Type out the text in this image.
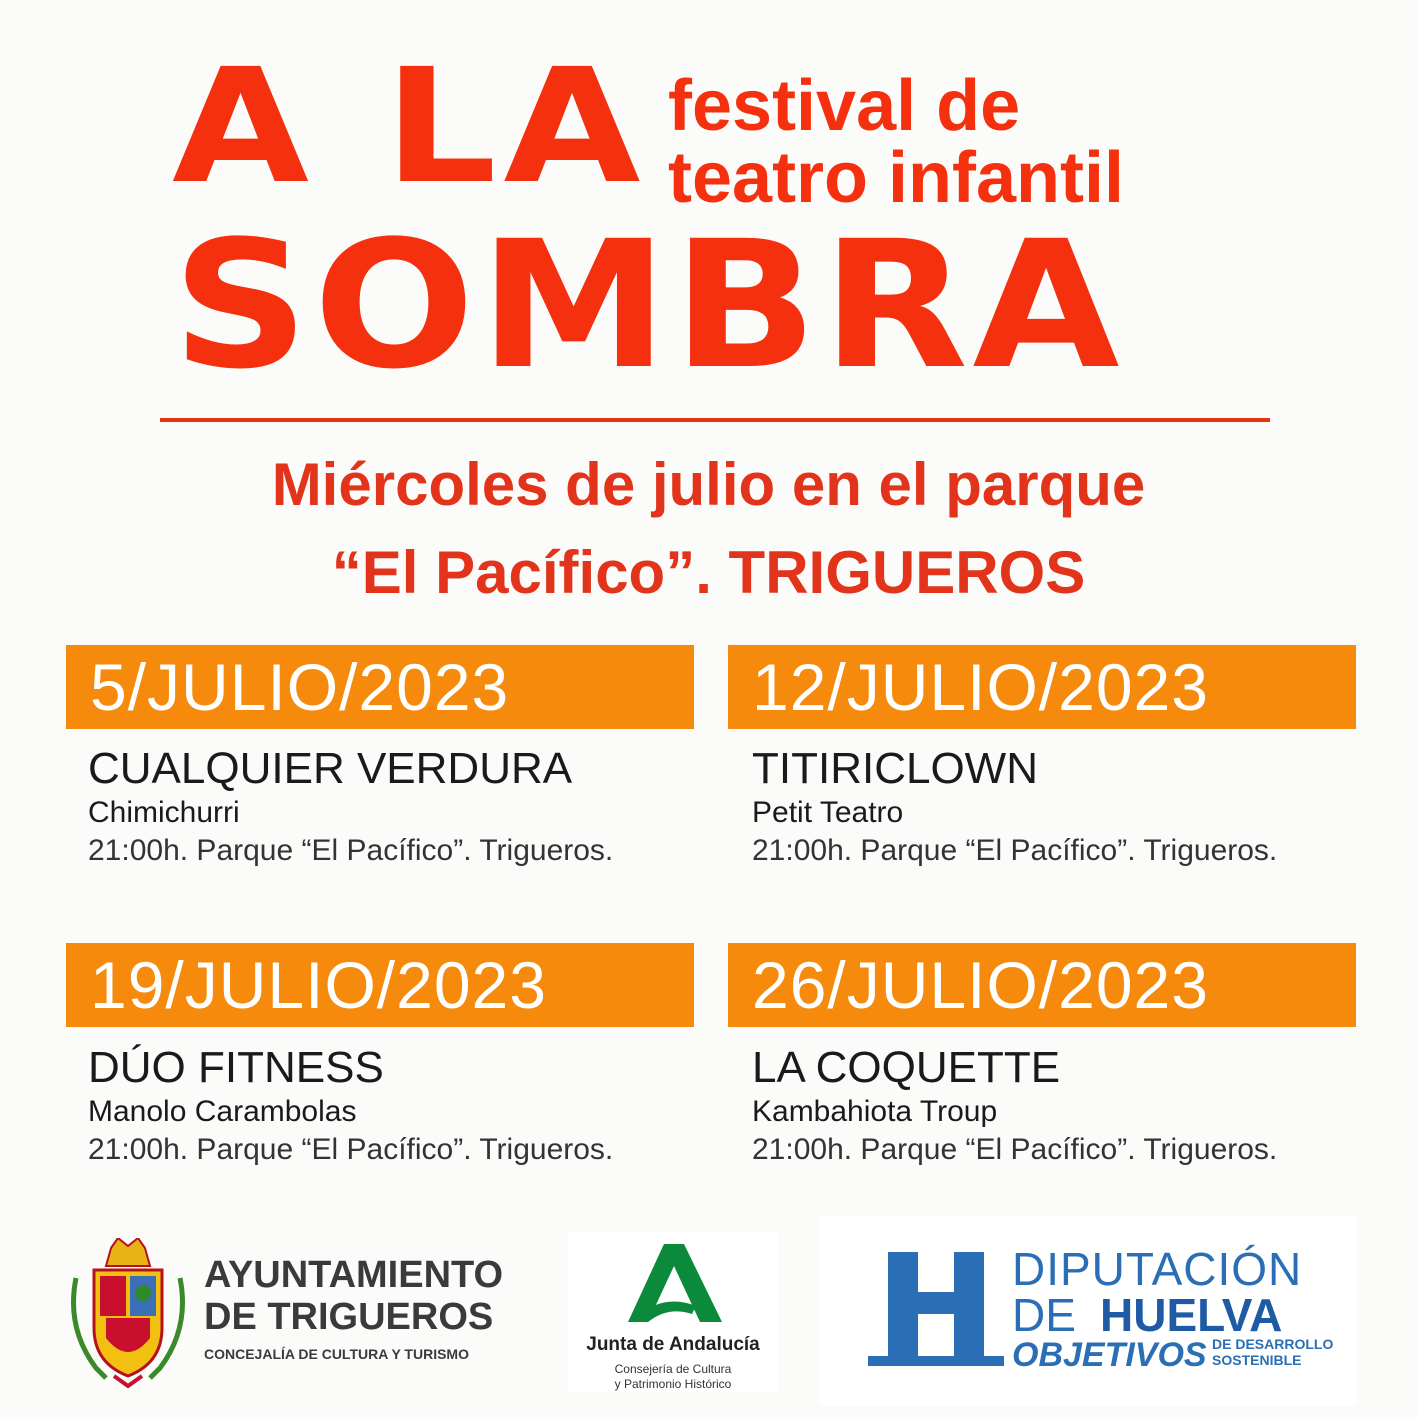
A LA festival de
teatro infantil
SOMBRA
Miércoles de julio en el parque
“El Pacífico”. TRIGUEROS
5/JULIO/2023
CUALQUIER VERDURA
Chimichurri
21:00h. Parque “El Pacífico”. Trigueros.
12/JULIO/2023
TITIRICLOWN
Petit Teatro
21:00h. Parque “El Pacífico”. Trigueros.
19/JULIO/2023
DÚO FITNESS
Manolo Carambolas
21:00h. Parque “El Pacífico”. Trigueros.
26/JULIO/2023
LA COQUETTE
Kambahiota Troup
21:00h. Parque “El Pacífico”. Trigueros.
AYUNTAMIENTO
DE TRIGUEROS
CONCEJALÍA DE CULTURA Y TURISMO	Junta de Andalucía
Consejería de Cultura
y Patrimonio Histórico
DIPUTACIÓN
DE HUELVA
OBJETIVOS DE DESARROLLO
SOSTENIBLE
